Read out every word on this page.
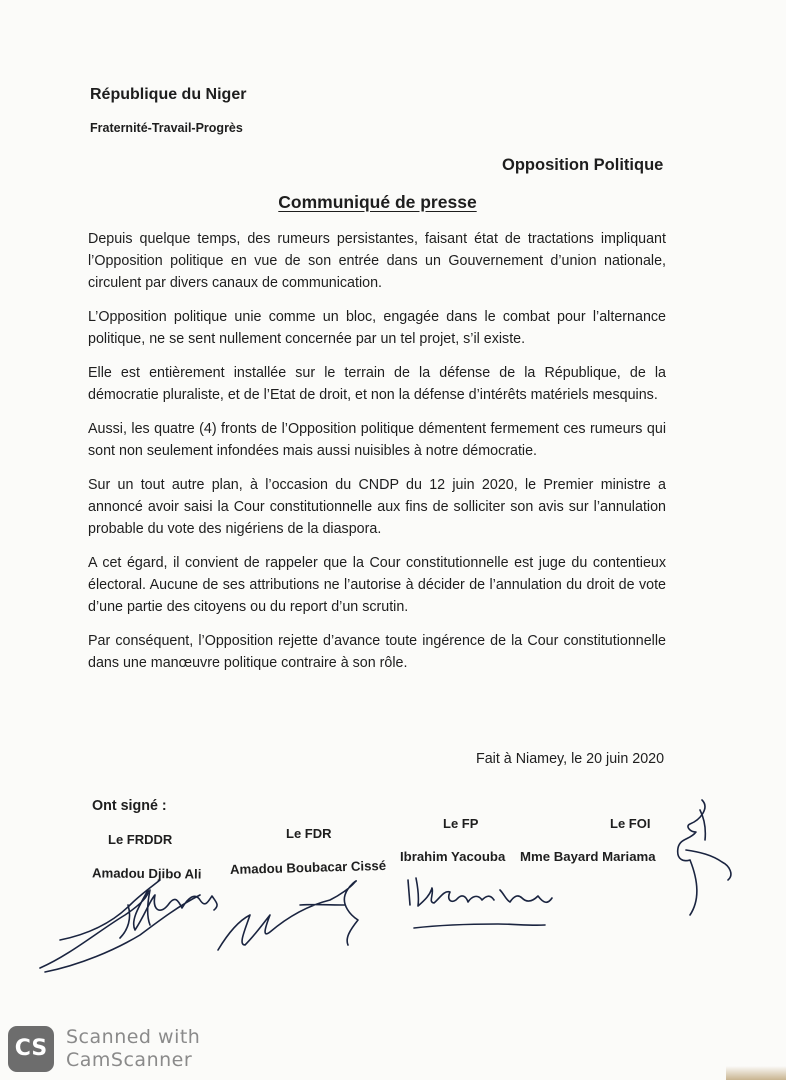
République du Niger
Fraternité-Travail-Progrès
Opposition Politique
Communiqué de presse

Depuis quelque temps, des rumeurs persistantes, faisant état de tractations impliquant l’Opposition politique en vue de son entrée dans un Gouvernement d’union nationale, circulent par divers canaux de communication.

L’Opposition politique unie comme un bloc, engagée dans le combat pour l’alternance politique, ne se sent nullement concernée par un tel projet, s’il existe.

Elle est entièrement installée sur le terrain de la défense de la République, de la démocratie pluraliste, et de l’Etat de droit, et non la défense d’intérêts matériels mesquins.

Aussi, les quatre (4) fronts de l’Opposition politique démentent fermement ces rumeurs qui sont non seulement infondées mais aussi nuisibles à notre démocratie.

Sur un tout autre plan, à l’occasion du CNDP du 12 juin 2020, le Premier ministre a annoncé avoir saisi la Cour constitutionnelle aux fins de solliciter son avis sur l’annulation probable du vote des nigériens de la diaspora.

A cet égard, il convient de rappeler que la Cour constitutionnelle est juge du contentieux électoral. Aucune de ses attributions ne l’autorise à décider de l’annulation du droit de vote d’une partie des citoyens ou du report d’un scrutin.

Par conséquent, l’Opposition rejette d’avance toute ingérence de la Cour constitutionnelle dans une manœuvre politique contraire à son rôle.

Fait à Niamey, le 20 juin 2020
Ont signé :
Le FRDDR	Le FDR
Le FP	Le FOI
Amadou Djibo Ali Amadou Boubacar Cissé
Ibrahim Yacouba Mme Bayard Mariama
CS Scanned with
CamScanner
